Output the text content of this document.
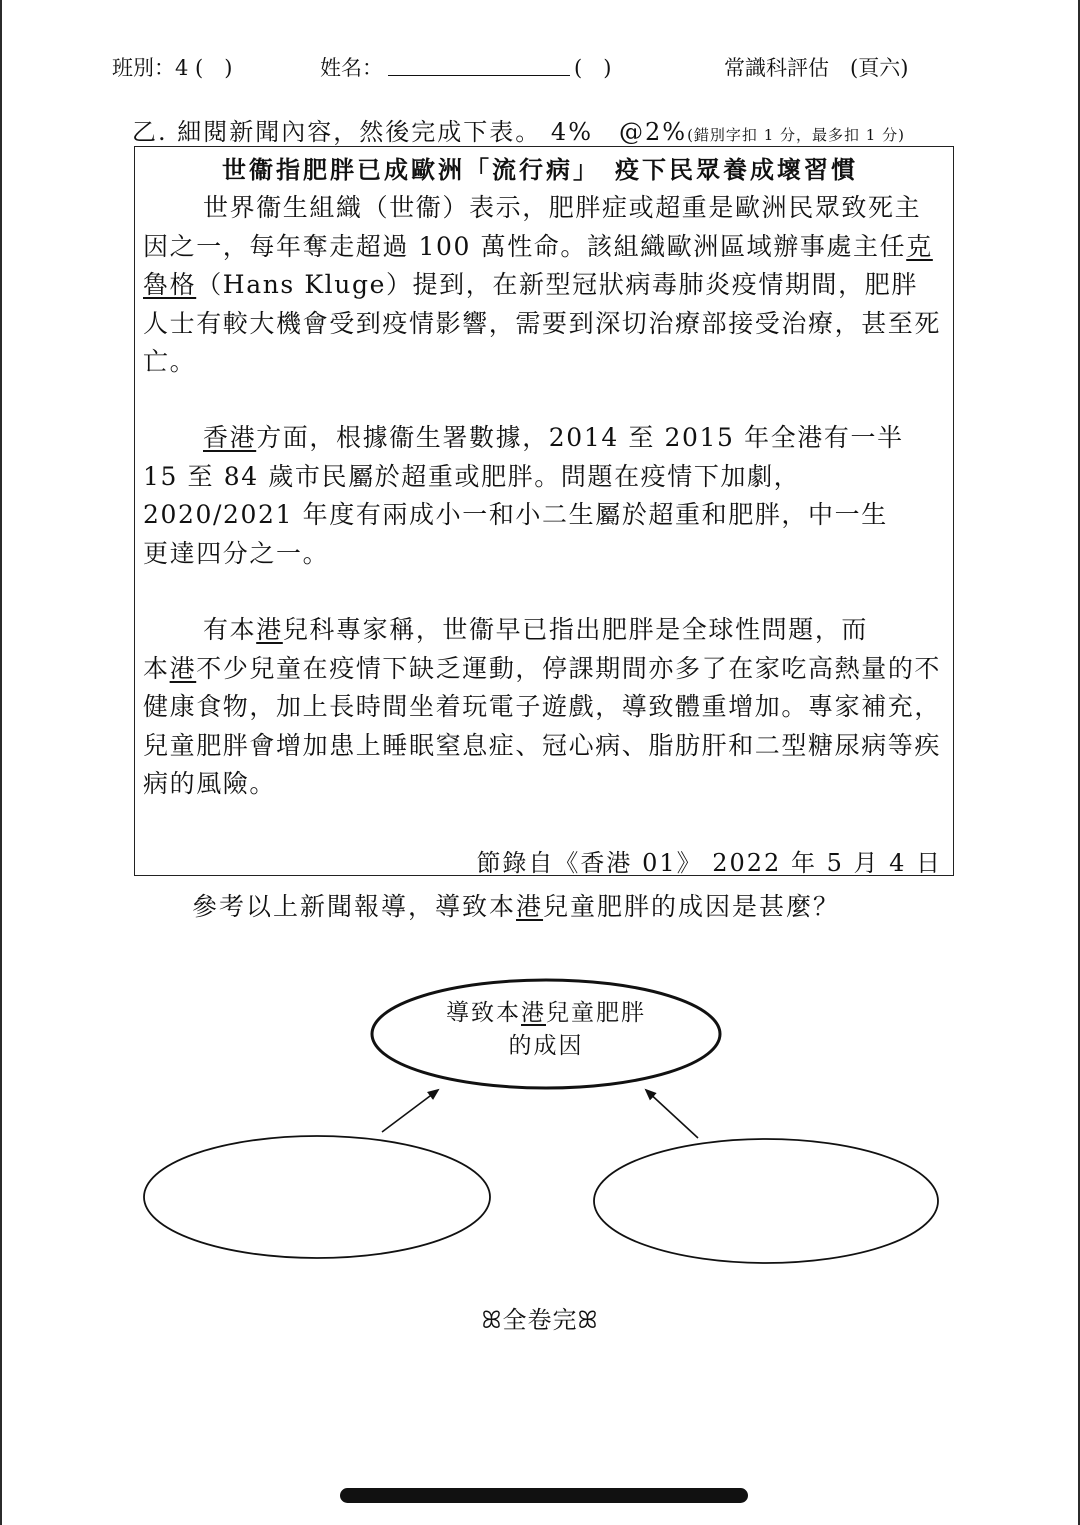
班別：4 (　)	姓名：	(　)	常識科評估　(頁六)
乙. 細閱新聞內容，然後完成下表。 4%　@2%(錯別字扣 1 分，最多扣 1 分)
世衞指肥胖已成歐洲「流行病」　疫下民眾養成壞習慣
世界衞生組織（世衞）表示，肥胖症或超重是歐洲民眾致死主因之一，每年奪走超過 100 萬性命。該組織歐洲區域辦事處主任克魯格（Hans Kluge）提到，在新型冠狀病毒肺炎疫情期間，肥胖人士有較大機會受到疫情影響，需要到深切治療部接受治療，甚至死亡。

香港方面，根據衞生署數據，2014 至 2015 年全港有一半

15 至 84 歲市民屬於超重或肥胖。問題在疫情下加劇，

2020/2021 年度有兩成小一和小二生屬於超重和肥胖，中一生

更達四分之一。

有本港兒科專家稱，世衞早已指出肥胖是全球性問題，而

本港不少兒童在疫情下缺乏運動，停課期間亦多了在家吃高熱量的不健康食物，加上長時間坐着玩電子遊戲，導致體重增加。專家補充，兒童肥胖會增加患上睡眠窒息症、冠心病、脂肪肝和二型糖尿病等疾病的風險。

節錄自《香港 01》 2022 年 5 月 4 日
參考以上新聞報導，導致本港兒童肥胖的成因是甚麼？
導致本港兒童肥胖
的成因
ꕤ全卷完ꕤ
